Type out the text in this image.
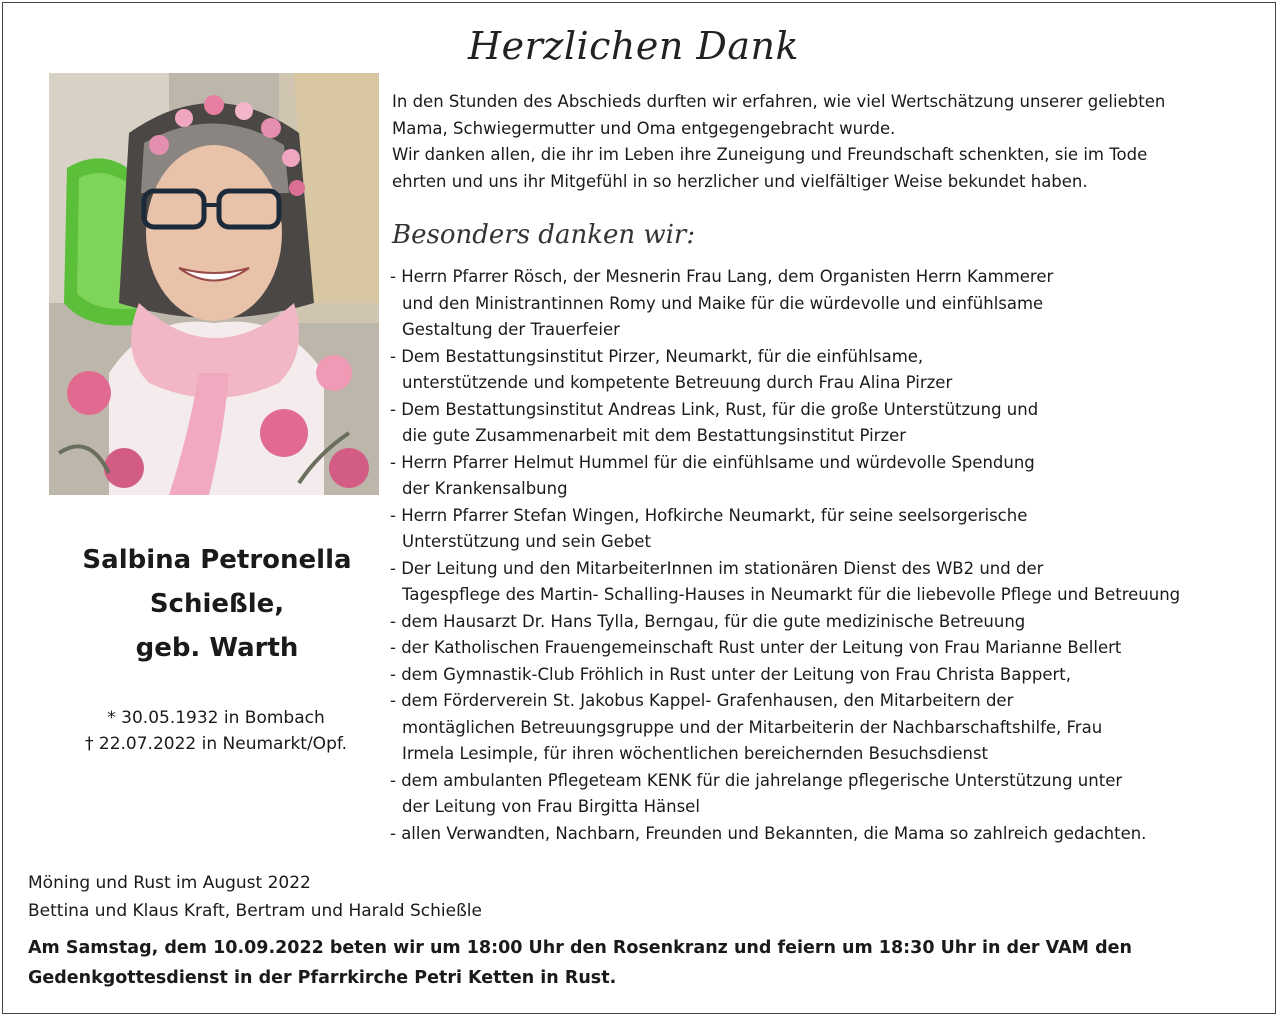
Herzlichen Dank
Salbina Petronella
Schießle,
geb. Warth
* 30.05.1932 in Bombach
† 22.07.2022 in Neumarkt/Opf.
In den Stunden des Abschieds durften wir erfahren, wie viel Wertschätzung unserer geliebten
Mama, Schwiegermutter und Oma entgegengebracht wurde.
Wir danken allen, die ihr im Leben ihre Zuneigung und Freundschaft schenkten, sie im Tode
ehrten und uns ihr Mitgefühl in so herzlicher und vielfältiger Weise bekundet haben.
Besonders danken wir:
- Herrn Pfarrer Rösch, der Mesnerin Frau Lang, dem Organisten Herrn Kammerer
und den Ministrantinnen Romy und Maike für die würdevolle und einfühlsame
Gestaltung der Trauerfeier
- Dem Bestattungsinstitut Pirzer, Neumarkt, für die einfühlsame,
unterstützende und kompetente Betreuung durch Frau Alina Pirzer
- Dem Bestattungsinstitut Andreas Link, Rust, für die große Unterstützung und
die gute Zusammenarbeit mit dem Bestattungsinstitut Pirzer
- Herrn Pfarrer Helmut Hummel für die einfühlsame und würdevolle Spendung
der Krankensalbung
- Herrn Pfarrer Stefan Wingen, Hofkirche Neumarkt, für seine seelsorgerische
Unterstützung und sein Gebet
- Der Leitung und den MitarbeiterInnen im stationären Dienst des WB2 und der
Tagespflege des Martin- Schalling-Hauses in Neumarkt für die liebevolle Pflege und Betreuung
- dem Hausarzt Dr. Hans Tylla, Berngau, für die gute medizinische Betreuung
- der Katholischen Frauengemeinschaft Rust unter der Leitung von Frau Marianne Bellert
- dem Gymnastik-Club Fröhlich in Rust unter der Leitung von Frau Christa Bappert,
- dem Förderverein St. Jakobus Kappel- Grafenhausen, den Mitarbeitern der
montäglichen Betreuungsgruppe und der Mitarbeiterin der Nachbarschaftshilfe, Frau
Irmela Lesimple, für ihren wöchentlichen bereichernden Besuchsdienst
- dem ambulanten Pflegeteam KENK für die jahrelange pflegerische Unterstützung unter
der Leitung von Frau Birgitta Hänsel
- allen Verwandten, Nachbarn, Freunden und Bekannten, die Mama so zahlreich gedachten.
Möning und Rust im August 2022
Bettina und Klaus Kraft, Bertram und Harald Schießle
Am Samstag, dem 10.09.2022 beten wir um 18:00 Uhr den Rosenkranz und feiern um 18:30 Uhr in der VAM den
Gedenkgottesdienst in der Pfarrkirche Petri Ketten in Rust.
